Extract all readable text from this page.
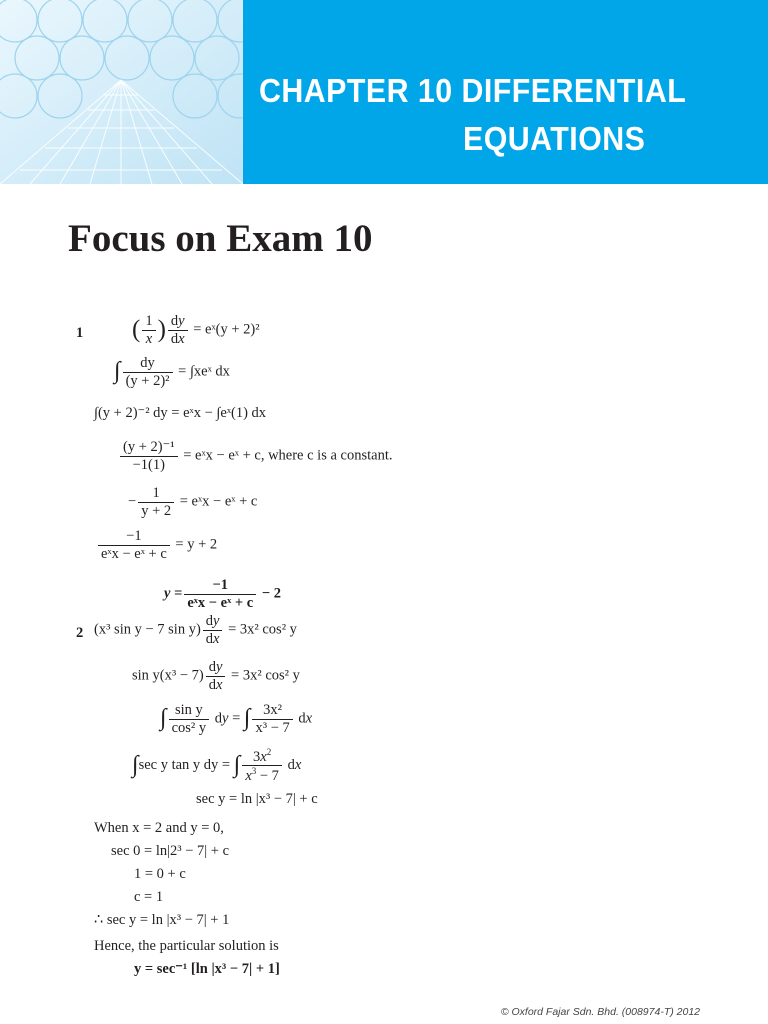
CHAPTER 10 DIFFERENTIAL
EQUATIONS
Focus on Exam 10
1 ( $\frac{1}{x}$ ) $\frac{dy}{dx}$ = eˣ(y + 2)²
∫ $\frac{dy}{\text{(y + 2)²}}$ = ∫xeˣ dx
∫(y + 2)⁻² dy = eˣx − ∫eˣ(1) dx
$\frac{\text{(y + 2)⁻¹}}{-1(1)}$ = eˣx − eˣ + c, where c is a constant.
− $\frac{1}{y + 2}$ = eˣx − eˣ + c
$\frac{-1}{\text{eˣx − eˣ + c}} = y + 2$
$y = \frac{-1}{\text{eˣx − eˣ + c}} - 2$
2 (x³ sin y − 7 $\sin y) \frac{dy}{dx} = 3x^2$ cos² y
$\sin y(x^3 - 7) \frac{dy}{dx} = 3x^2$ cos² y
∫ $\frac{\text{sin y}}{\text{cos² y}}$ dy = ∫ $\frac{\text{3x²}}{\text{x³ − 7}}$ dx
∫sec y tan y dy = ∫ $\frac{3x^2}{x^3 - 7}$ dx
sec y = ln |x³ − 7| + c
When x = 2 and y = 0,
sec 0 = ln|2³ − 7| + c
1 = 0 + c
c = 1
∴ sec y = ln |x³ − 7| + 1
Hence, the particular solution is
y = sec⁻¹ [ln |x³ − 7| + 1]
© Oxford Fajar Sdn. Bhd. (008974-T) 2012
